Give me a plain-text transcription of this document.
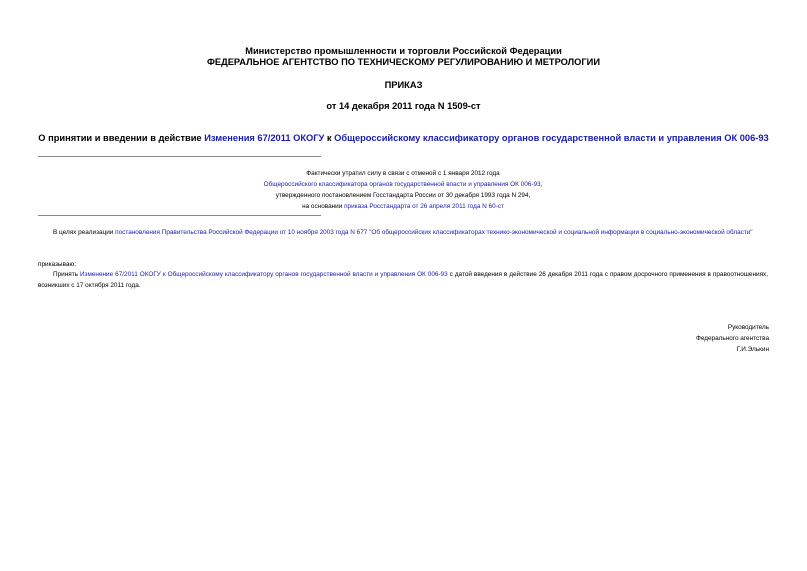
Министерство промышленности и торговли Российской Федерации
ФЕДЕРАЛЬНОЕ АГЕНТСТВО ПО ТЕХНИЧЕСКОМУ РЕГУЛИРОВАНИЮ И МЕТРОЛОГИИ
ПРИКАЗ
от 14 декабря 2011 года N 1509-ст
О принятии и введении в действие Изменения 67/2011 ОКОГУ к Общероссийскому классификатору органов государственной власти и управления ОК 006-93
Фактически утратил силу в связи с отменой с 1 января 2012 года
Общероссийского классификатора органов государственной власти и управления ОК 006-93,
утвержденного постановлением Госстандарта России от 30 декабря 1993 года N 294,
на основании приказа Росстандарта от 26 апреля 2011 года N 60-ст
В целях реализации постановления Правительства Российской Федерации от 10 ноября 2003 года N 677 "Об общероссийских классификаторах технико-экономической и социальной информации в социально-экономической области"
приказываю:
Принять Изменение 67/2011 ОКОГУ к Общероссийскому классификатору органов государственной власти и управления ОК 006-93 с датой введения в действие 26 декабря 2011 года с правом досрочного применения в правоотношениях, возникших с 17 октября 2011 года.
Руководитель
Федерального агентства
Г.И.Элькин
